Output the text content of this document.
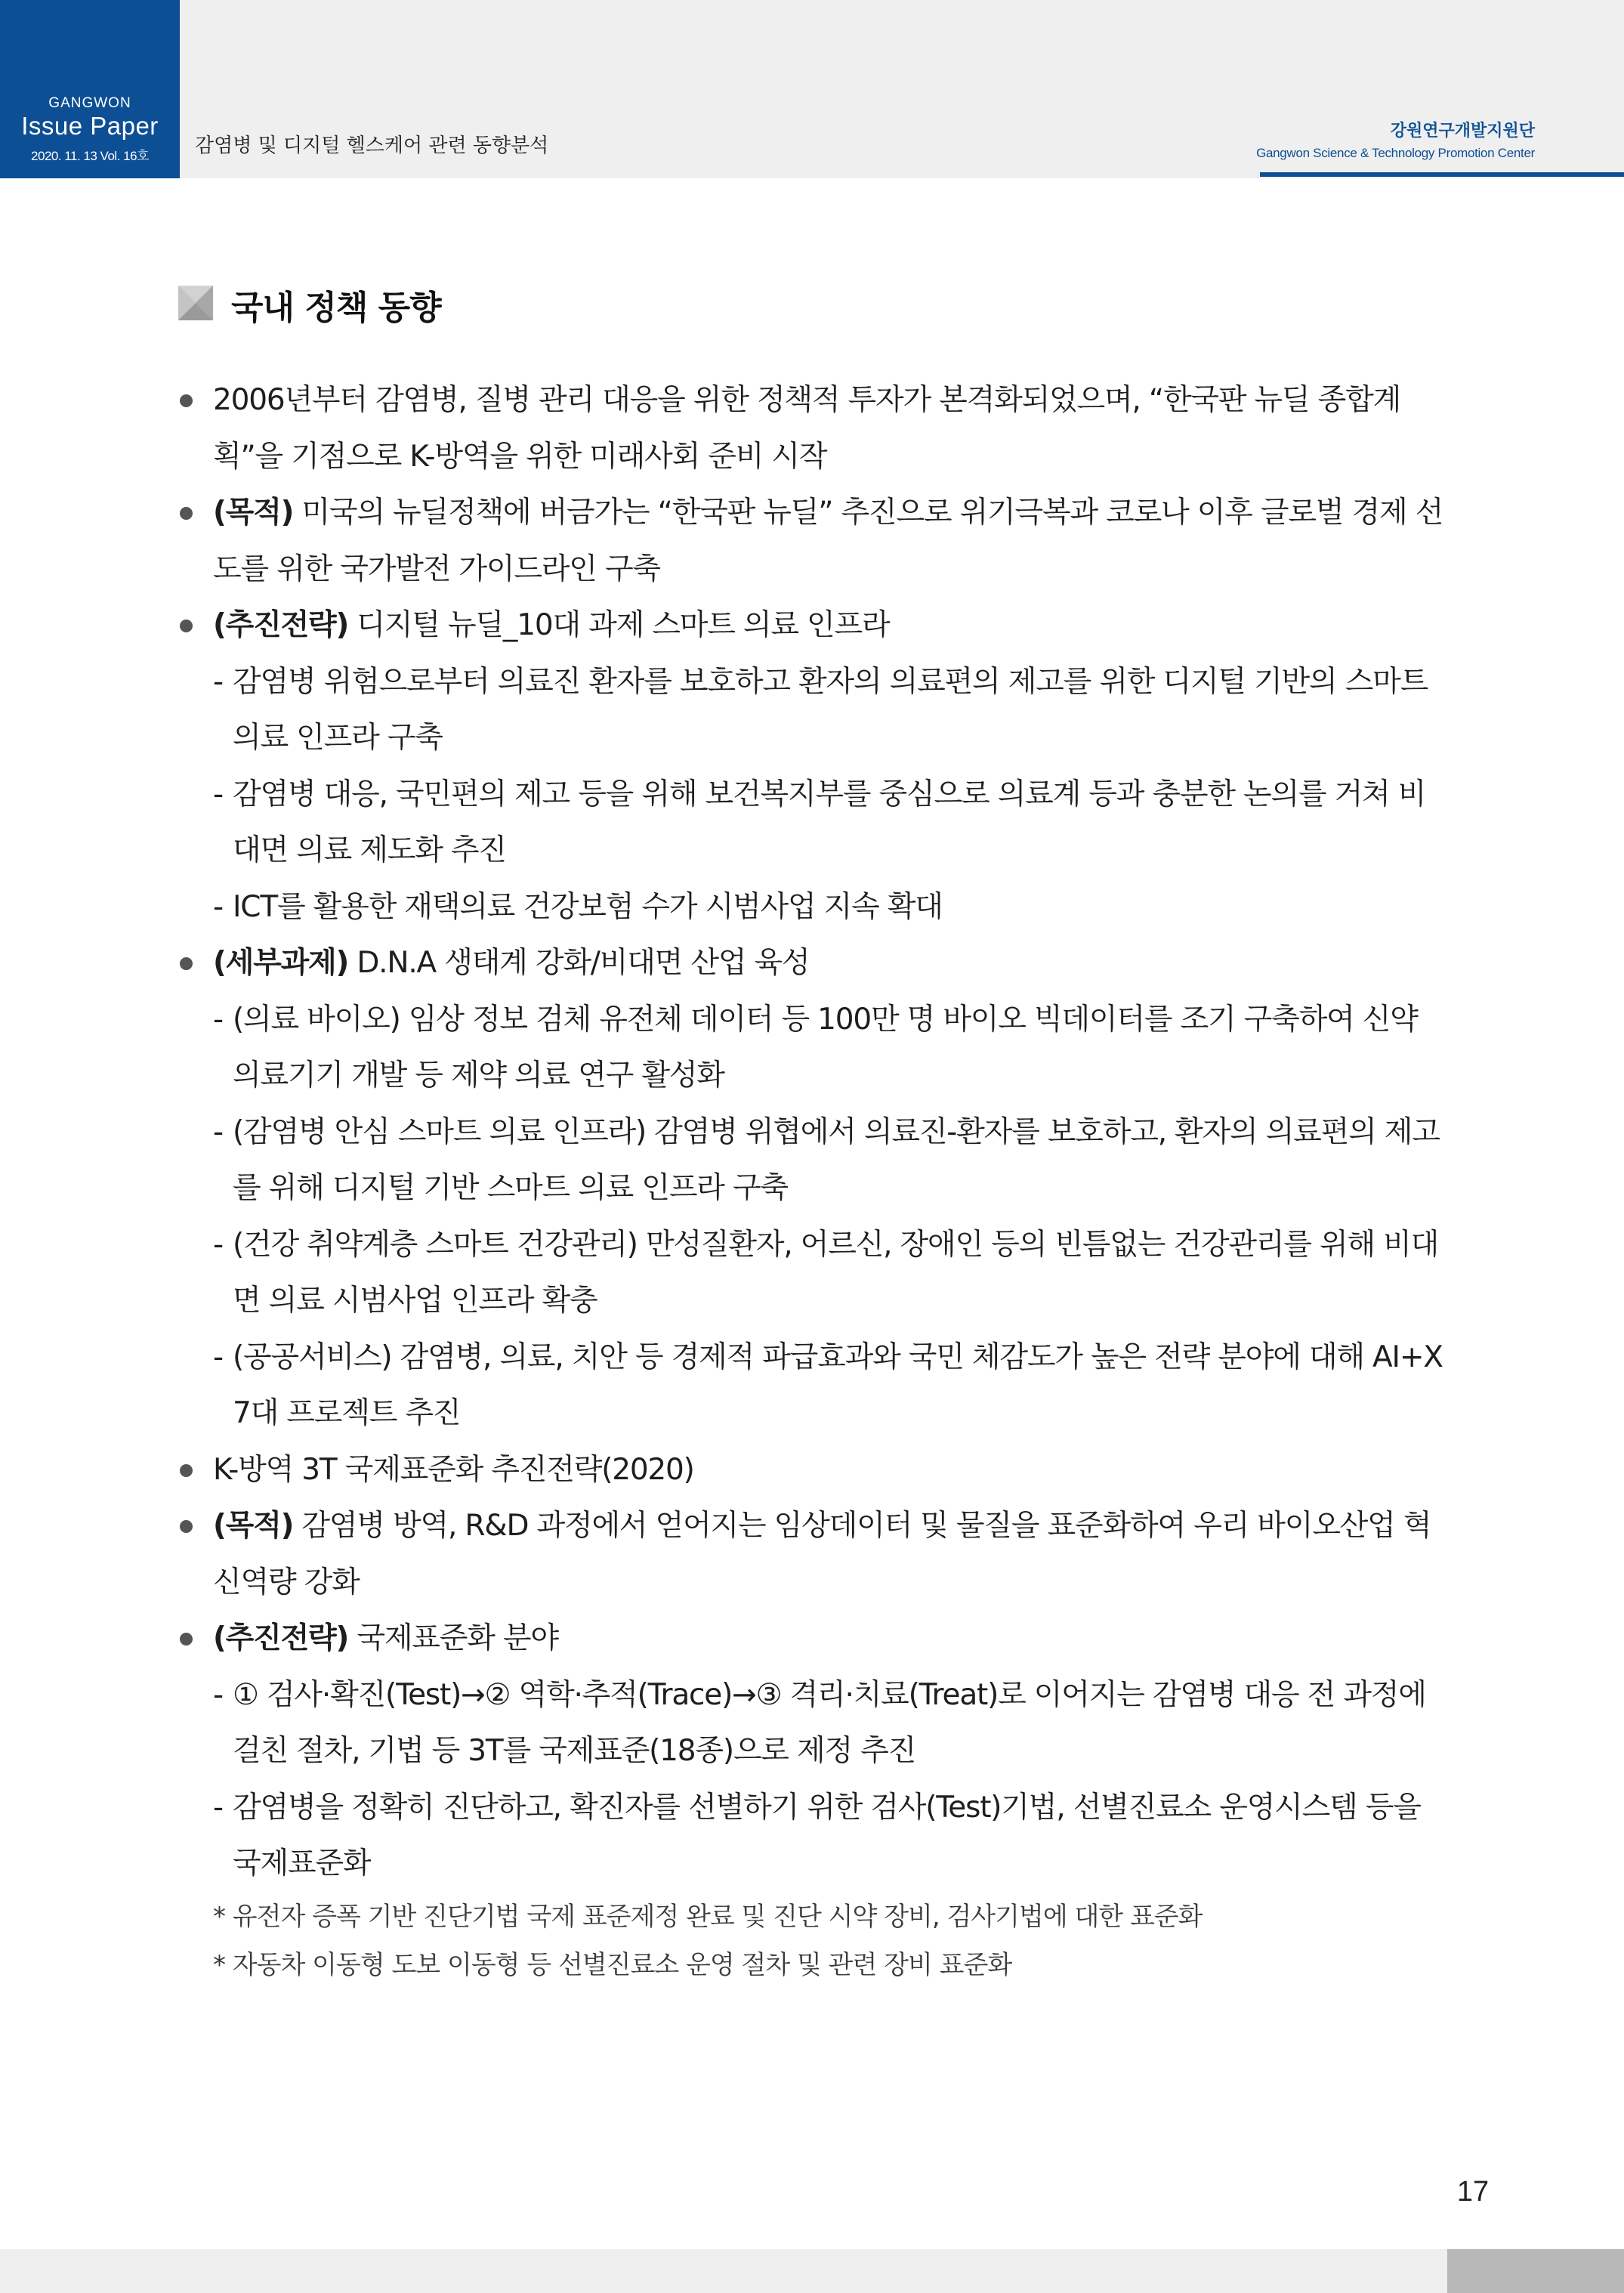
GANGWON
Issue Paper
2020. 11. 13 Vol. 16호	감염병 및 디지털 헬스케어 관련 동향분석
강원연구개발지원단
Gangwon Science & Technology Promotion Center
국내 정책 동향
2006년부터 감염병, 질병 관리 대응을 위한 정책적 투자가 본격화되었으며, “한국판 뉴딜 종합계획”을 기점으로 K-방역을 위한 미래사회 준비 시작
(목적) 미국의 뉴딜정책에 버금가는 “한국판 뉴딜” 추진으로 위기극복과 코로나 이후 글로벌 경제 선도를 위한 국가발전 가이드라인 구축
(추진전략) 디지털 뉴딜_10대 과제 스마트 의료 인프라
-감염병 위험으로부터 의료진 환자를 보호하고 환자의 의료편의 제고를 위한 디지털 기반의 스마트 의료 인프라 구축
-감염병 대응, 국민편의 제고 등을 위해 보건복지부를 중심으로 의료계 등과 충분한 논의를 거쳐 비대면 의료 제도화 추진
-ICT를 활용한 재택의료 건강보험 수가 시범사업 지속 확대
(세부과제) D.N.A 생태계 강화/비대면 산업 육성
-(의료 바이오) 임상 정보 검체 유전체 데이터 등 100만 명 바이오 빅데이터를 조기 구축하여 신약 의료기기 개발 등 제약 의료 연구 활성화
-(감염병 안심 스마트 의료 인프라) 감염병 위협에서 의료진-환자를 보호하고, 환자의 의료편의 제고를 위해 디지털 기반 스마트 의료 인프라 구축
-(건강 취약계층 스마트 건강관리) 만성질환자, 어르신, 장애인 등의 빈틈없는 건강관리를 위해 비대면 의료 시범사업 인프라 확충
-(공공서비스) 감염병, 의료, 치안 등 경제적 파급효과와 국민 체감도가 높은 전략 분야에 대해 AI+X 7대 프로젝트 추진
K-방역 3T 국제표준화 추진전략(2020)
(목적) 감염병 방역, R&D 과정에서 얻어지는 임상데이터 및 물질을 표준화하여 우리 바이오산업 혁신역량 강화
(추진전략) 국제표준화 분야
-① 검사·확진(Test)→② 역학·추적(Trace)→③ 격리·치료(Treat)로 이어지는 감염병 대응 전 과정에 걸친 절차, 기법 등 3T를 국제표준(18종)으로 제정 추진
-감염병을 정확히 진단하고, 확진자를 선별하기 위한 검사(Test)기법, 선별진료소 운영시스템 등을 국제표준화
* 유전자 증폭 기반 진단기법 국제 표준제정 완료 및 진단 시약 장비, 검사기법에 대한 표준화
* 자동차 이동형 도보 이동형 등 선별진료소 운영 절차 및 관련 장비 표준화
17
